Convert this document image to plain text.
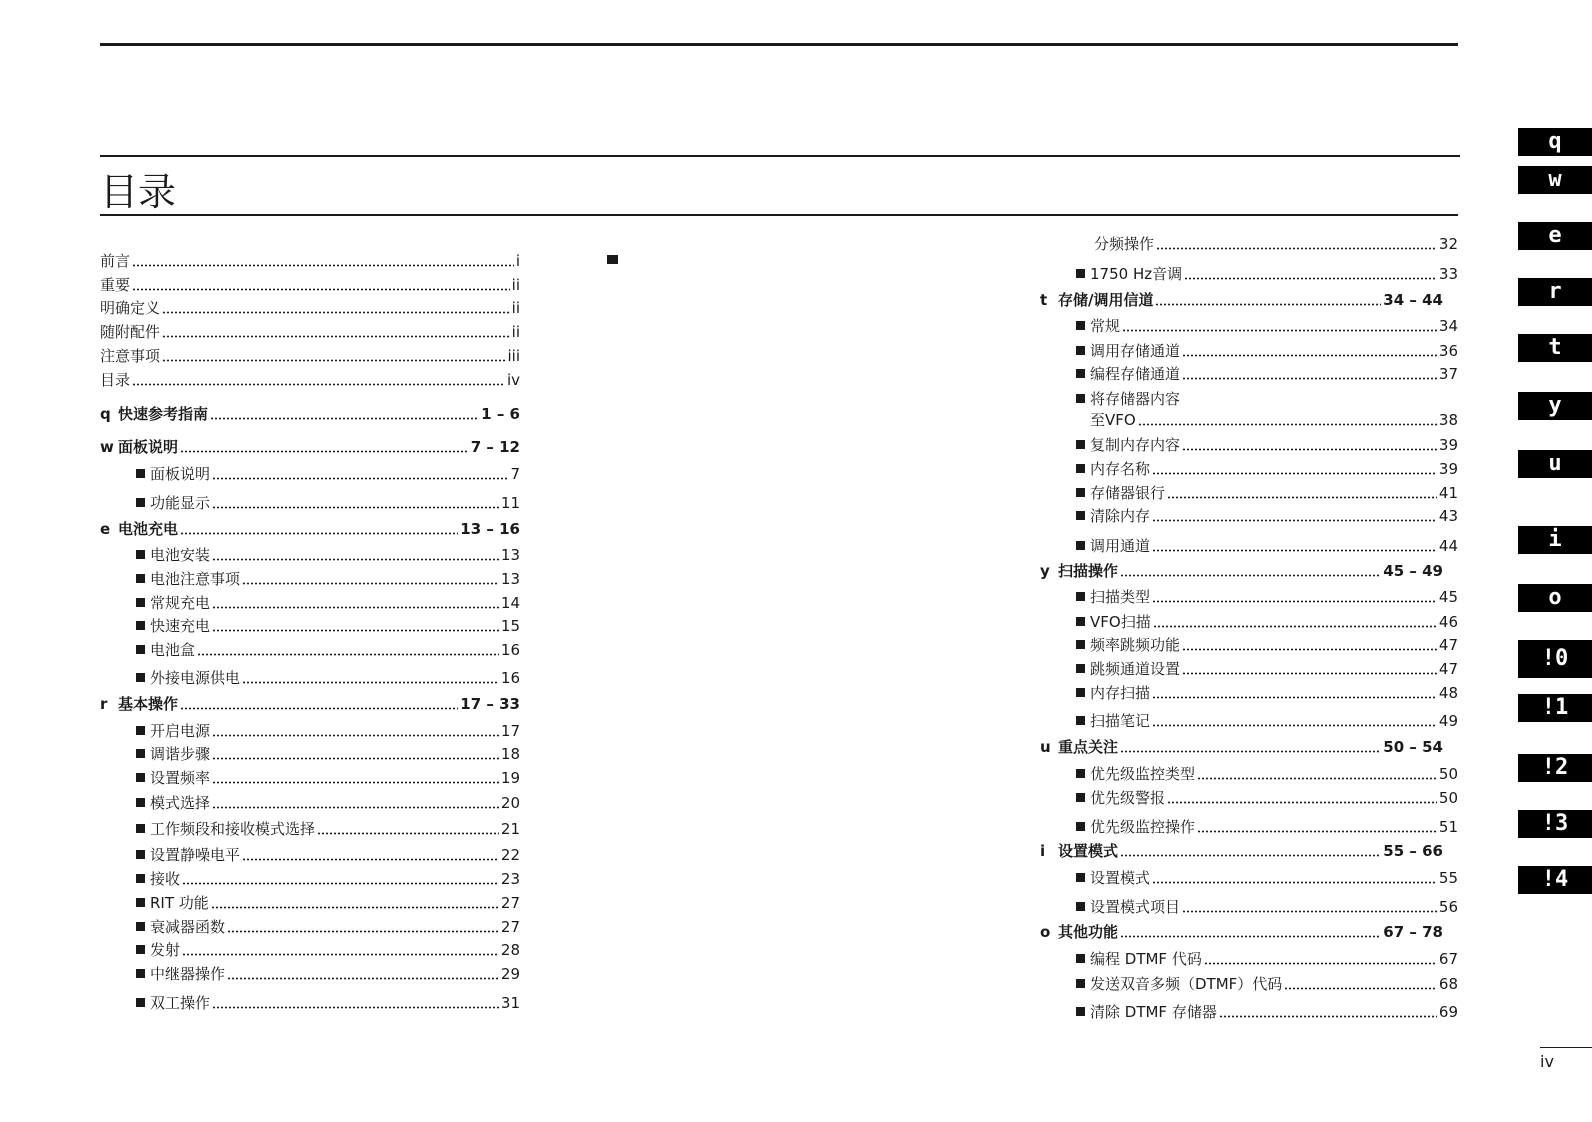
目录
前言	i
重要	ii
明确定义	ii
随附配件	ii
注意事项	iii
目录	iv
q 快速参考指南	1 – 6
w 面板说明	7 – 12
面板说明	7
功能显示	11
e 电池充电	13 – 16
电池安装	13
电池注意事项	13
常规充电	14
快速充电	15
电池盒	16
外接电源供电	16
r 基本操作	17 – 33
开启电源	17
调谐步骤	18
设置频率	19
模式选择	20
工作频段和接收模式选择	21
设置静噪电平	22
接收	23
RIT 功能	27
衰减器函数	27
发射	28
中继器操作	29
双工操作	31
分频操作	32
1750 Hz音调	33
t 存储/调用信道	34 – 44
常规	34
调用存储通道	36
编程存储通道	37
将存储器内容
至VFO	38
复制内存内容	39
内存名称	39
存储器银行	41
清除内存	43
调用通道	44
y 扫描操作	45 – 49
扫描类型	45
VFO扫描	46
频率跳频功能	47
跳频通道设置	47
内存扫描	48
扫描笔记	49
u 重点关注	50 – 54
优先级监控类型	50
优先级警报	50
优先级监控操作	51
i 设置模式	55 – 66
设置模式	55
设置模式项目	56
o 其他功能	67 – 78
编程 DTMF 代码	67
发送双音多频（DTMF）代码	68
清除 DTMF 存储器	69
q
w
e
r
t
y
u
i
o
!0
!1
!2
!3
!4
iv
